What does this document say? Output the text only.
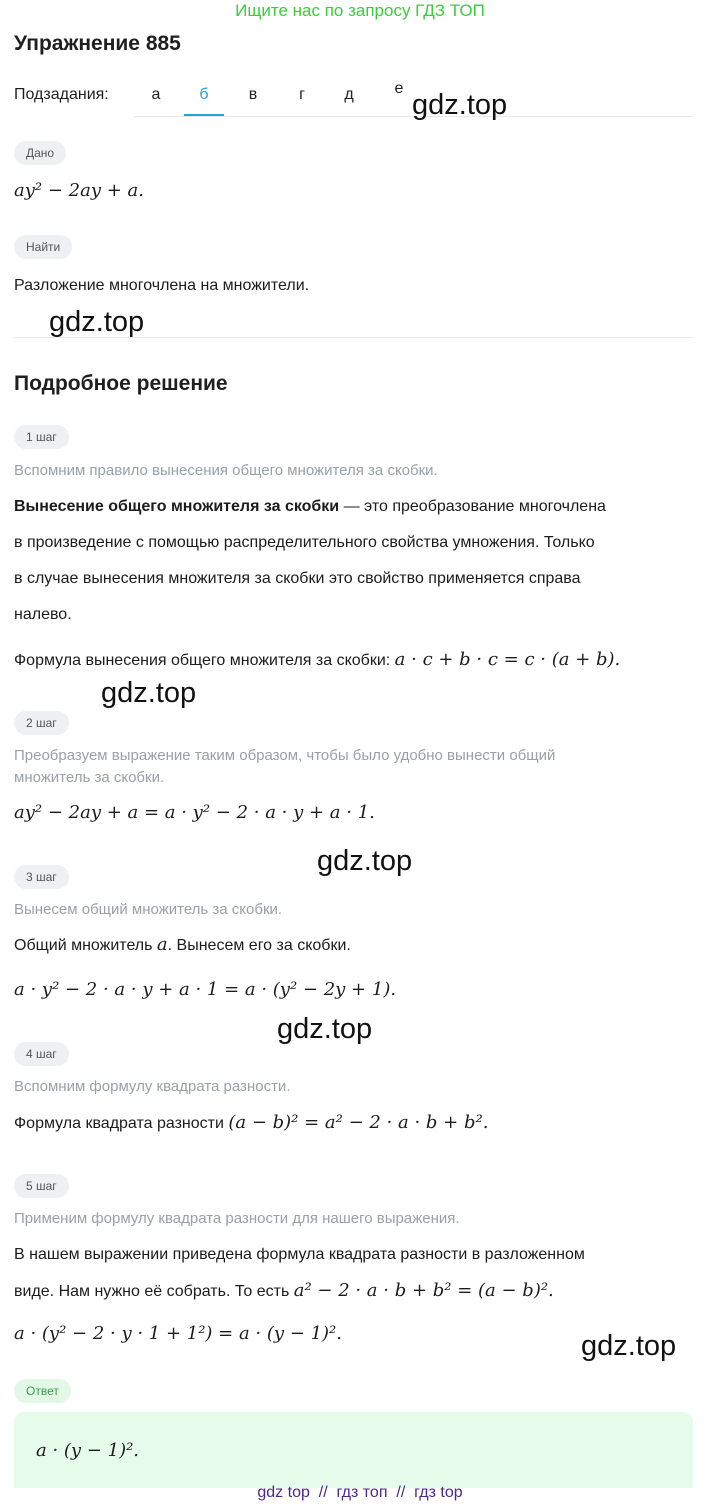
Ищите нас по запросу ГДЗ ТОП
Упражнение 885
Подзадания:	а	б	в	г	д	е
Дано
ay² − 2ay + a.
Найти
Разложение многочлена на множители.
Подробное решение
1 шаг
Вспомним правило вынесения общего множителя за скобки.
Вынесение общего множителя за скобки — это преобразование многочлена
в произведение с помощью распределительного свойства умножения. Только
в случае вынесения множителя за скобки это свойство применяется справа
налево.
Формула вынесения общего множителя за скобки: a · c + b · c = c · (a + b).
2 шаг
Преобразуем выражение таким образом, чтобы было удобно вынести общий
множитель за скобки.
ay² − 2ay + a = a · y² − 2 · a · y + a · 1.
3 шаг
Вынесем общий множитель за скобки.
Общий множитель a. Вынесем его за скобки.
a · y² − 2 · a · y + a · 1 = a · (y² − 2y + 1).
4 шаг
Вспомним формулу квадрата разности.
Формула квадрата разности (a − b)² = a² − 2 · a · b + b².
5 шаг
Применим формулу квадрата разности для нашего выражения.
В нашем выражении приведена формула квадрата разности в разложенном
виде. Нам нужно её собрать. То есть a² − 2 · a · b + b² = (a − b)².
a · (y² − 2 · y · 1 + 1²) = a · (y − 1)².
Ответ
a · (y − 1)².
gdz.top
gdz.top
gdz.top
gdz.top
gdz.top
gdz.top
gdz top  //  гдз топ  //  гдз top
